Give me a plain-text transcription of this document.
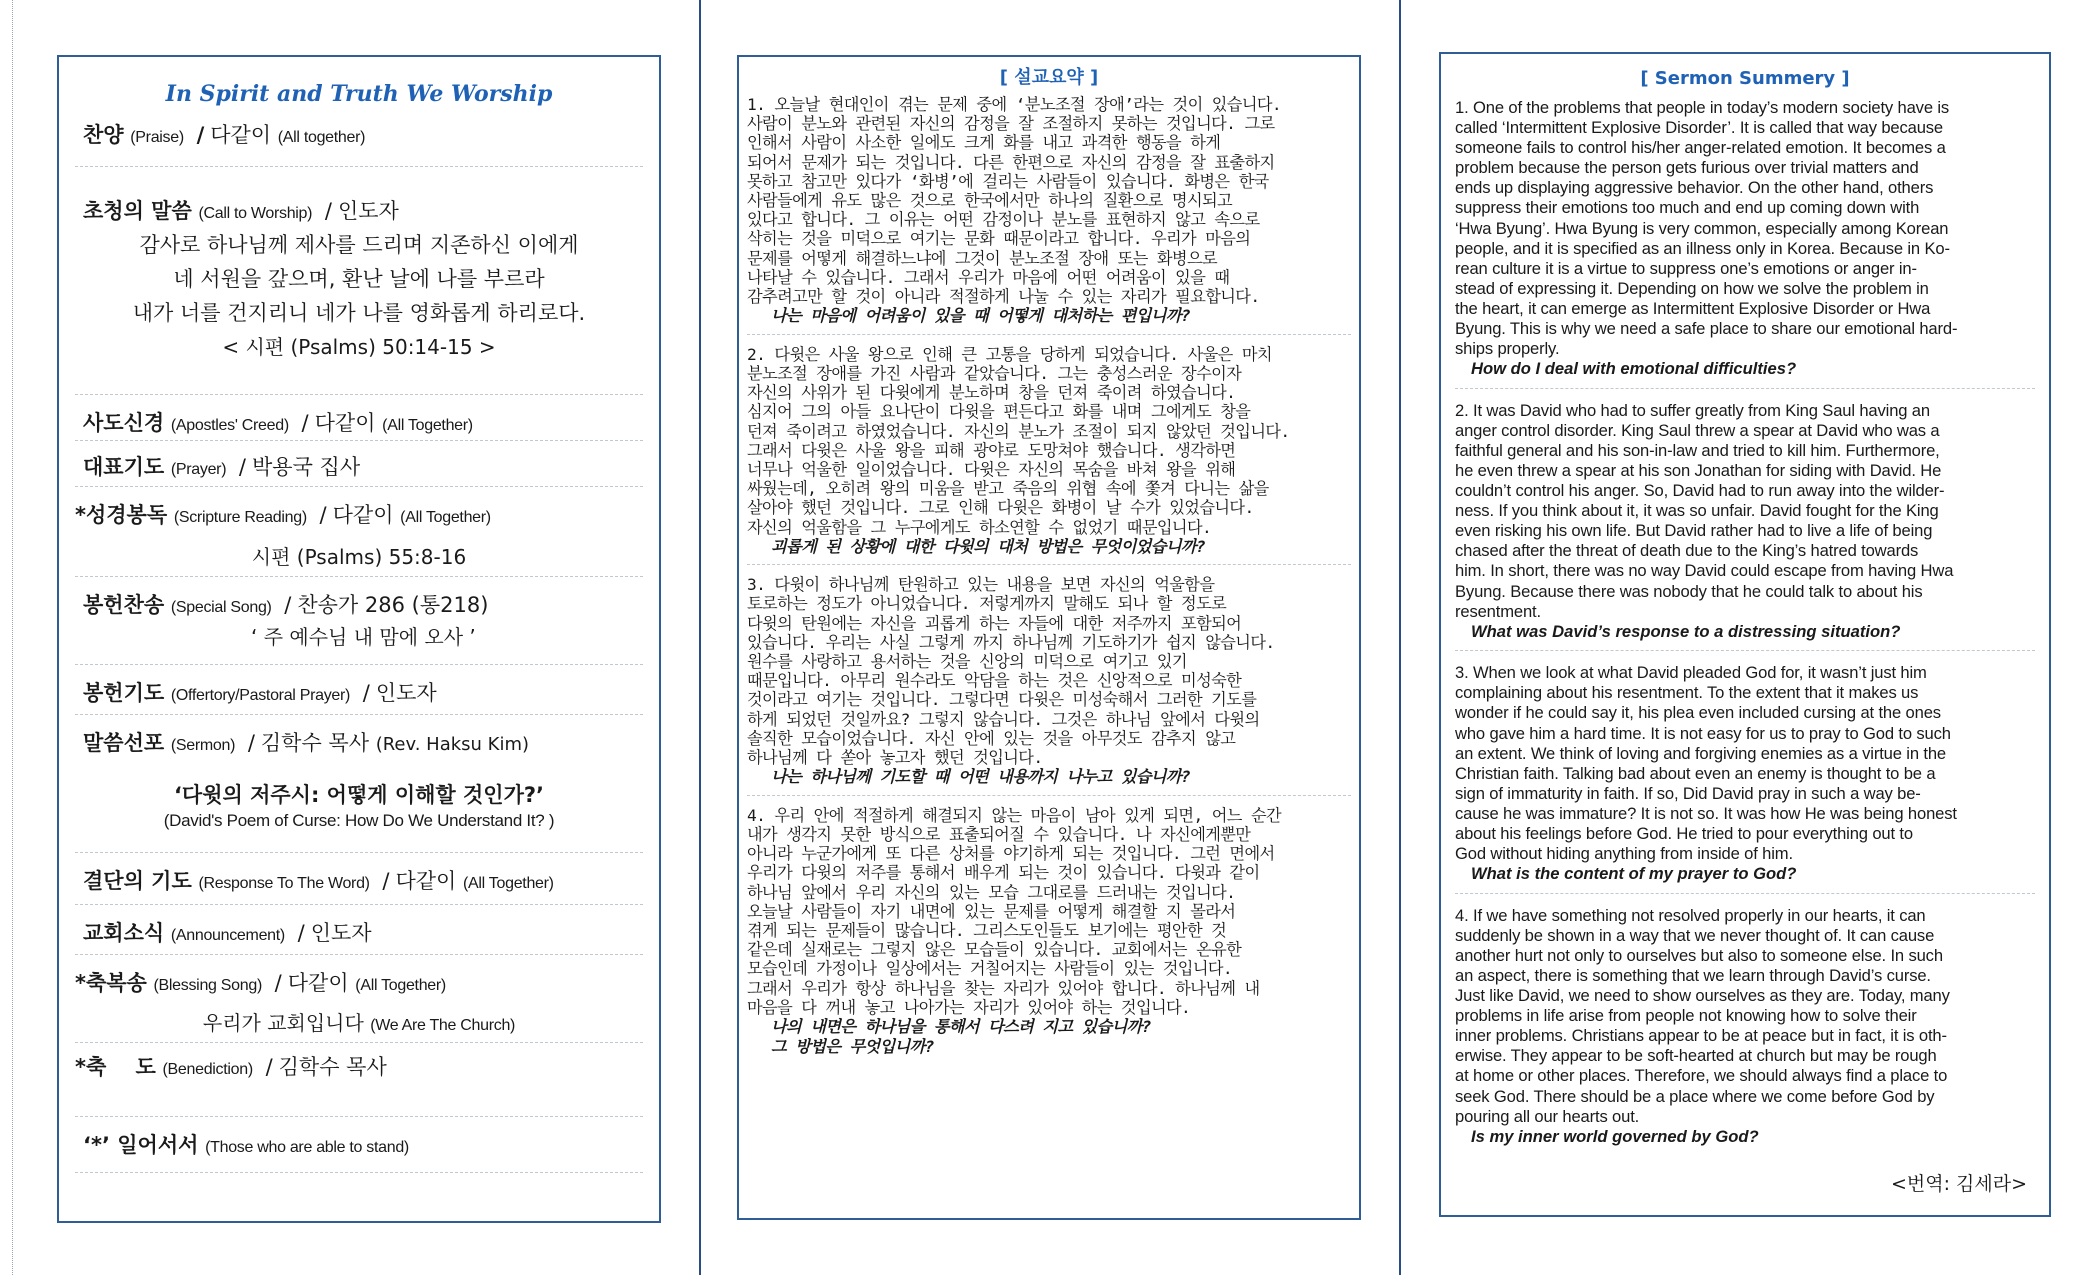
In Spirit and Truth We Worship
찬양 (Praise) / 다같이 (All together)
초청의 말씀 (Call to Worship) / 인도자
감사로 하나님께 제사를 드리며 지존하신 이에게
네 서원을 갚으며, 환난 날에 나를 부르라
내가 너를 건지리니 네가 나를 영화롭게 하리로다.
< 시편 (Psalms) 50:14-15 >
사도신경 (Apostles' Creed) / 다같이 (All Together)
대표기도 (Prayer) / 박용국 집사
*성경봉독 (Scripture Reading) / 다같이 (All Together)
시편 (Psalms) 55:8-16
봉헌찬송 (Special Song) / 찬송가 286 (통218)
‘ 주 예수님 내 맘에 오사 ’
봉헌기도 (Offertory/Pastoral Prayer) / 인도자
말씀선포 (Sermon) / 김학수 목사 (Rev. Haksu Kim)
‘다윗의 저주시: 어떻게 이해할 것인가?’
(David's Poem of Curse: How Do We Understand It? )
결단의 기도 (Response To The Word) / 다같이 (All Together)
교회소식 (Announcement) / 인도자
*축복송 (Blessing Song) / 다같이 (All Together)
우리가 교회입니다 (We Are The Church)
*축    도 (Benediction) / 김학수 목사
‘*’ 일어서서 (Those who are able to stand)
[ 설교요약 ]

1. 오늘날 현대인이 겪는 문제 중에 ‘분노조절 장애’라는 것이 있습니다.
사람이 분노와 관련된 자신의 감정을 잘 조절하지 못하는 것입니다. 그로
인해서 사람이 사소한 일에도 크게 화를 내고 과격한 행동을 하게
되어서 문제가 되는 것입니다. 다른 한편으로 자신의 감정을 잘 표출하지
못하고 참고만 있다가 ‘화병’에 걸리는 사람들이 있습니다. 화병은 한국
사람들에게 유도 많은 것으로 한국에서만 하나의 질환으로 명시되고
있다고 합니다. 그 이유는 어떤 감정이나 분노를 표현하지 않고 속으로
삭히는 것을 미덕으로 여기는 문화 때문이라고 합니다. 우리가 마음의
문제를 어떻게 해결하느냐에 그것이 분노조절 장애 또는 화병으로
나타날 수 있습니다. 그래서 우리가 마음에 어떤 어려움이 있을 때
감추려고만 할 것이 아니라 적절하게 나눌 수 있는 자리가 필요합니다.

나는 마음에 어려움이 있을 때 어떻게 대처하는 편입니까?

2. 다윗은 사울 왕으로 인해 큰 고통을 당하게 되었습니다. 사울은 마치
분노조절 장애를 가진 사람과 같았습니다. 그는 충성스러운 장수이자
자신의 사위가 된 다윗에게 분노하며 창을 던져 죽이려 하였습니다.
심지어 그의 아들 요나단이 다윗을 편든다고 화를 내며 그에게도 창을
던져 죽이려고 하였었습니다. 자신의 분노가 조절이 되지 않았던 것입니다.
그래서 다윗은 사울 왕을 피해 광야로 도망쳐야 했습니다. 생각하면
너무나 억울한 일이었습니다. 다윗은 자신의 목숨을 바쳐 왕을 위해
싸웠는데, 오히려 왕의 미움을 받고 죽음의 위협 속에 쫓겨 다니는 삶을
살아야 했던 것입니다. 그로 인해 다윗은 화병이 날 수가 있었습니다.
자신의 억울함을 그 누구에게도 하소연할 수 없었기 때문입니다.

괴롭게 된 상황에 대한 다윗의 대처 방법은 무엇이었습니까?

3. 다윗이 하나님께 탄원하고 있는 내용을 보면 자신의 억울함을
토로하는 정도가 아니었습니다. 저렇게까지 말해도 되나 할 정도로
다윗의 탄원에는 자신을 괴롭게 하는 자들에 대한 저주까지 포함되어
있습니다. 우리는 사실 그렇게 까지 하나님께 기도하기가 쉽지 않습니다.
원수를 사랑하고 용서하는 것을 신앙의 미덕으로 여기고 있기
때문입니다. 아무리 원수라도 악담을 하는 것은 신앙적으로 미성숙한
것이라고 여기는 것입니다. 그렇다면 다윗은 미성숙해서 그러한 기도를
하게 되었던 것일까요? 그렇지 않습니다. 그것은 하나님 앞에서 다윗의
솔직한 모습이었습니다. 자신 안에 있는 것을 아무것도 감추지 않고
하나님께 다 쏟아 놓고자 했던 것입니다.

나는 하나님께 기도할 때 어떤 내용까지 나누고 있습니까?

4. 우리 안에 적절하게 해결되지 않는 마음이 남아 있게 되면, 어느 순간
내가 생각지 못한 방식으로 표출되어질 수 있습니다. 나 자신에게뿐만
아니라 누군가에게 또 다른 상처를 야기하게 되는 것입니다. 그런 면에서
우리가 다윗의 저주를 통해서 배우게 되는 것이 있습니다. 다윗과 같이
하나님 앞에서 우리 자신의 있는 모습 그대로를 드러내는 것입니다.
오늘날 사람들이 자기 내면에 있는 문제를 어떻게 해결할 지 몰라서
겪게 되는 문제들이 많습니다. 그리스도인들도 보기에는 평안한 것
같은데 실재로는 그렇지 않은 모습들이 있습니다. 교회에서는 온유한
모습인데 가정이나 일상에서는 거칠어지는 사람들이 있는 것입니다.
그래서 우리가 항상 하나님을 찾는 자리가 있어야 합니다. 하나님께 내
마음을 다 꺼내 놓고 나아가는 자리가 있어야 하는 것입니다.

나의 내면은 하나님을 통해서 다스려 지고 있습니까?
그 방법은 무엇입니까?
[ Sermon Summery ]

1. One of the problems that people in today’s modern society have is
called ‘Intermittent Explosive Disorder’. It is called that way because
someone fails to control his/her anger-related emotion. It becomes a
problem because the person gets furious over trivial matters and
ends up displaying aggressive behavior. On the other hand, others
suppress their emotions too much and end up coming down with
‘Hwa Byung’. Hwa Byung is very common, especially among Korean
people, and it is specified as an illness only in Korea. Because in Ko-
rean culture it is a virtue to suppress one’s emotions or anger in-
stead of expressing it. Depending on how we solve the problem in
the heart, it can emerge as Intermittent Explosive Disorder or Hwa
Byung. This is why we need a safe place to share our emotional hard-
ships properly.

How do I deal with emotional difficulties?

2. It was David who had to suffer greatly from King Saul having an
anger control disorder. King Saul threw a spear at David who was a
faithful general and his son-in-law and tried to kill him. Furthermore,
he even threw a spear at his son Jonathan for siding with David. He
couldn’t control his anger. So, David had to run away into the wilder-
ness. If you think about it, it was so unfair. David fought for the King
even risking his own life. But David rather had to live a life of being
chased after the threat of death due to the King’s hatred towards
him. In short, there was no way David could escape from having Hwa
Byung. Because there was nobody that he could talk to about his
resentment.

What was David’s response to a distressing situation?

3. When we look at what David pleaded God for, it wasn’t just him
complaining about his resentment. To the extent that it makes us
wonder if he could say it, his plea even included cursing at the ones
who gave him a hard time. It is not easy for us to pray to God to such
an extent. We think of loving and forgiving enemies as a virtue in the
Christian faith. Talking bad about even an enemy is thought to be a
sign of immaturity in faith. If so, Did David pray in such a way be-
cause he was immature? It is not so. It was how He was being honest
about his feelings before God. He tried to pour everything out to
God without hiding anything from inside of him.

What is the content of my prayer to God?

4. If we have something not resolved properly in our hearts, it can
suddenly be shown in a way that we never thought of. It can cause
another hurt not only to ourselves but also to someone else. In such
an aspect, there is something that we learn through David’s curse.
Just like David, we need to show ourselves as they are. Today, many
problems in life arise from people not knowing how to solve their
inner problems. Christians appear to be at peace but in fact, it is oth-
erwise. They appear to be soft-hearted at church but may be rough
at home or other places. Therefore, we should always find a place to
seek God. There should be a place where we come before God by
pouring all our hearts out.

Is my inner world governed by God?
<번역: 김세라>
